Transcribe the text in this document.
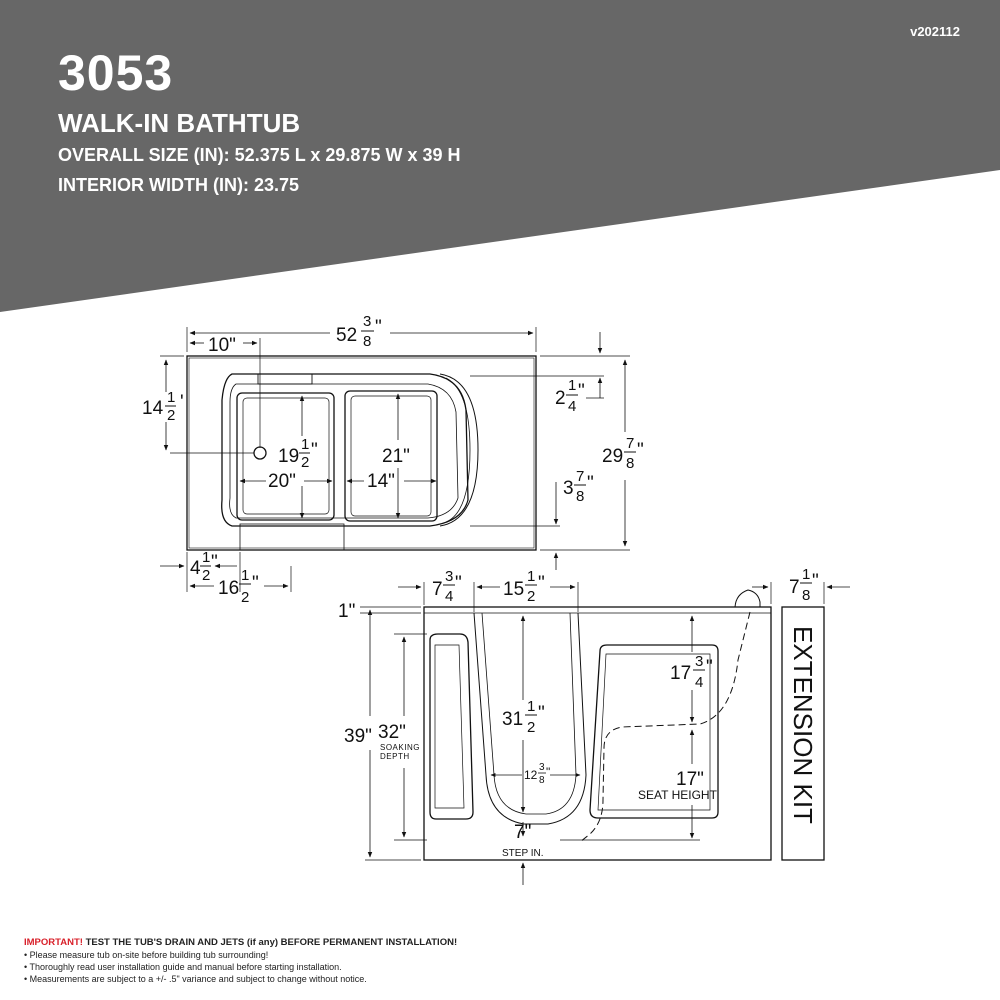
v202112
3053
WALK-IN BATHTUB
OVERALL SIZE (IN): 52.375 L x 29.875 W x 39 H
INTERIOR WIDTH (IN): 23.75
10"	52
3
8
"
14
1
2
'
19
1
2
"	21"
20"	14"
2
1
4
"
29
7
8
"
3
7
8
"
4
1
2
"
16
1
2
"	7
3
4
" 15
1
2
"	7
1
8
"
1"
39" 32"
SOAKING
DEPTH
31
1
2
"
12
3
8
"
17
3
4
"
17"
SEAT HEIGHT
7"
STEP IN.
EXTENSION KIT
IMPORTANT! TEST THE TUB'S DRAIN AND JETS (if any) BEFORE PERMANENT INSTALLATION!
• Please measure tub on-site before building tub surrounding!
• Thoroughly read user installation guide and manual before starting installation.
• Measurements are subject to a +/- .5" variance and subject to change without notice.
